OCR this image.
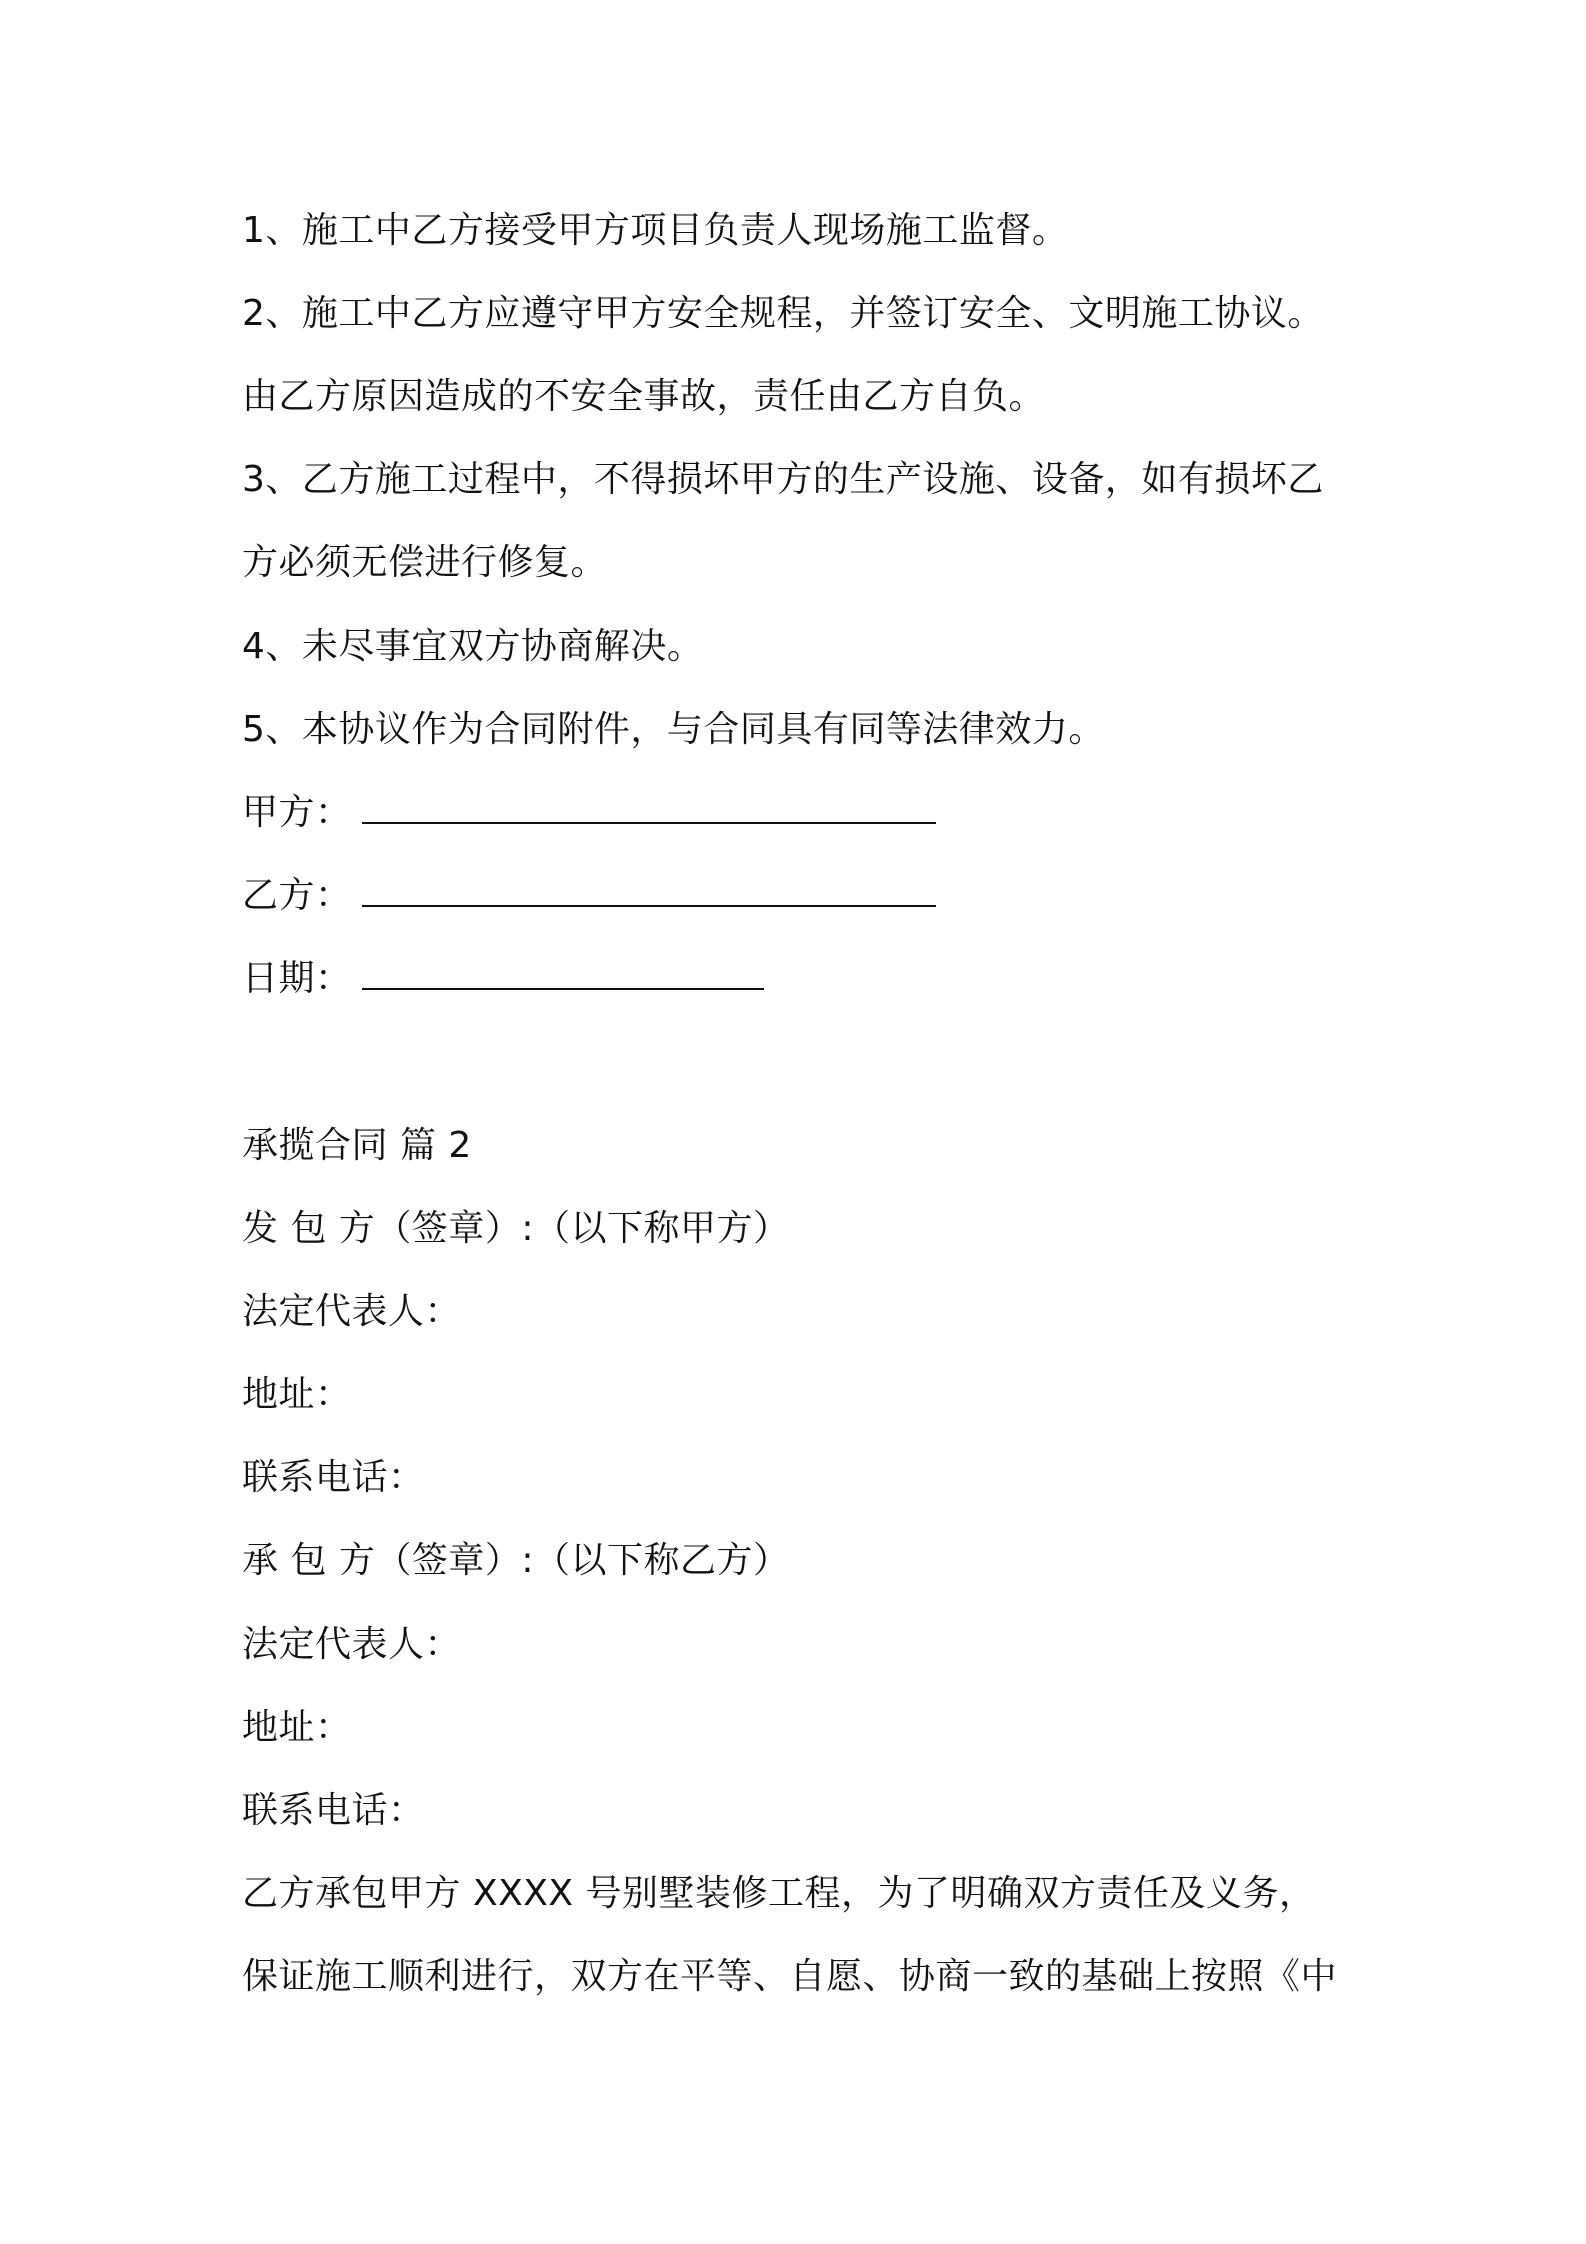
1、施工中乙方接受甲方项目负责人现场施工监督。
2、施工中乙方应遵守甲方安全规程，并签订安全、文明施工协议。
由乙方原因造成的不安全事故，责任由乙方自负。
3、乙方施工过程中，不得损坏甲方的生产设施、设备，如有损坏乙
方必须无偿进行修复。
4、未尽事宜双方协商解决。
5、本协议作为合同附件，与合同具有同等法律效力。
甲方：
乙方：
日期：
承揽合同 篇 2
发 包 方（签章）:（以下称甲方）
法定代表人：
地址：
联系电话：
承 包 方（签章）:（以下称乙方）
法定代表人：
地址：
联系电话：
乙方承包甲方 XXXX 号别墅装修工程，为了明确双方责任及义务，
保证施工顺利进行，双方在平等、自愿、协商一致的基础上按照《中
